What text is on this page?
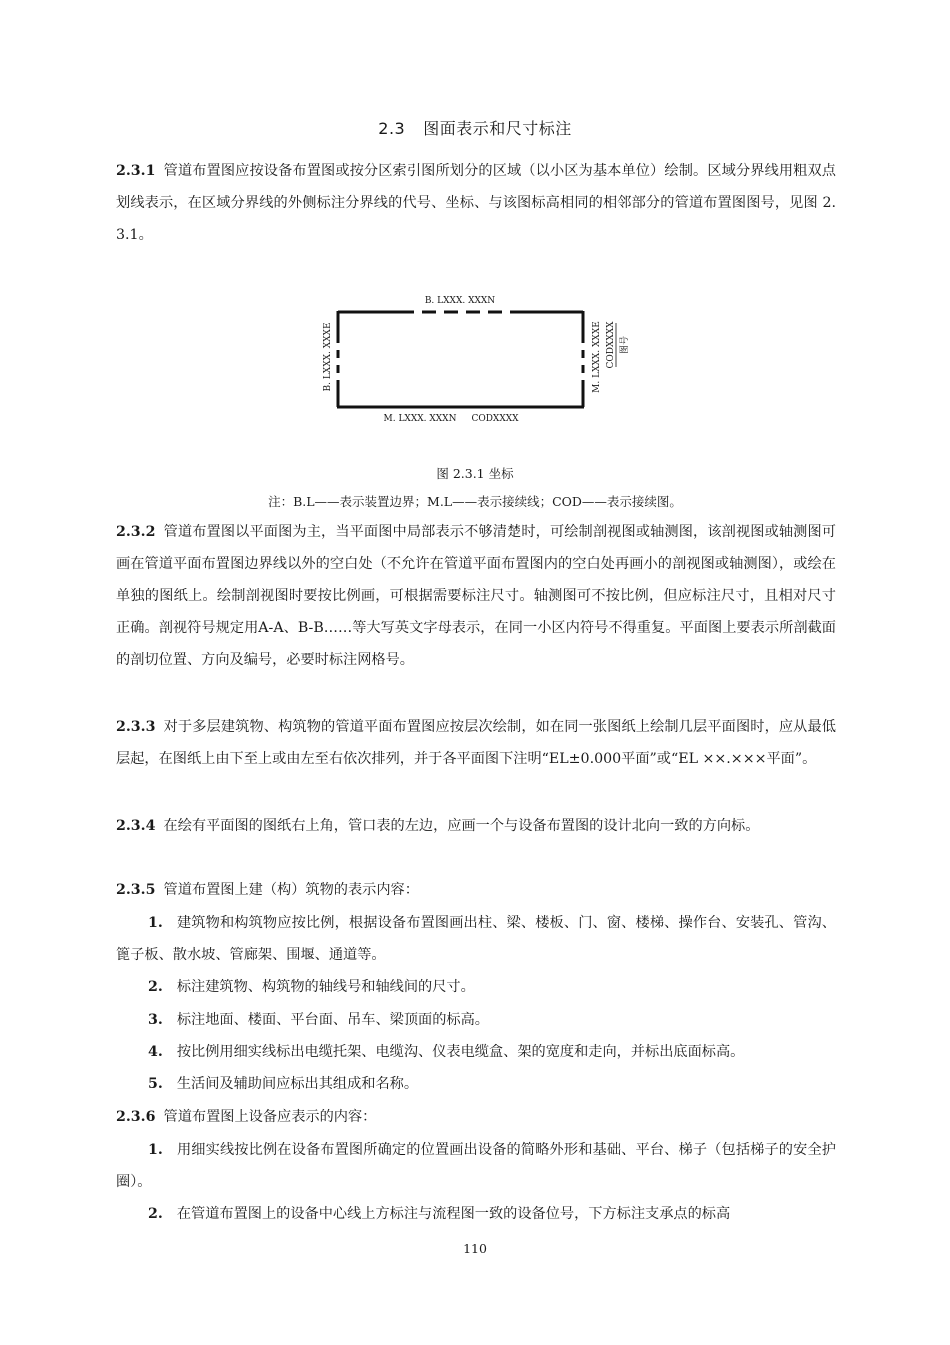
2.3 图面表示和尺寸标注
2.3.1 管道布置图应按设备布置图或按分区索引图所划分的区域（以小区为基本单位）绘制。区域分界线用粗双点划线表示，在区域分界线的外侧标注分界线的代号、坐标、与该图标高相同的相邻部分的管道布置图图号，见图 2.3.1。
B. LXXX. XXXN
B. LXXX. XXXE	M. LXXX. XXXE CODXXXX 图号
M. LXXX. XXXN CODXXXX
图 2.3.1 坐标
注：B.L——表示装置边界；M.L——表示接续线；COD——表示接续图。
2.3.2 管道布置图以平面图为主，当平面图中局部表示不够清楚时，可绘制剖视图或轴测图，该剖视图或轴测图可画在管道平面布置图边界线以外的空白处（不允许在管道平面布置图内的空白处再画小的剖视图或轴测图），或绘在单独的图纸上。绘制剖视图时要按比例画，可根据需要标注尺寸。轴测图可不按比例，但应标注尺寸，且相对尺寸正确。剖视符号规定用A-A、B-B……等大写英文字母表示，在同一小区内符号不得重复。平面图上要表示所剖截面的剖切位置、方向及编号，必要时标注网格号。
2.3.3 对于多层建筑物、构筑物的管道平面布置图应按层次绘制，如在同一张图纸上绘制几层平面图时，应从最低层起，在图纸上由下至上或由左至右依次排列，并于各平面图下注明“EL±0.000平面”或“EL ××.×××平面”。
2.3.4 在绘有平面图的图纸右上角，管口表的左边，应画一个与设备布置图的设计北向一致的方向标。
2.3.5 管道布置图上建（构）筑物的表示内容：
1. 建筑物和构筑物应按比例，根据设备布置图画出柱、梁、楼板、门、窗、楼梯、操作台、安装孔、管沟、篦子板、散水坡、管廊架、围堰、通道等。
2. 标注建筑物、构筑物的轴线号和轴线间的尺寸。
3. 标注地面、楼面、平台面、吊车、梁顶面的标高。
4. 按比例用细实线标出电缆托架、电缆沟、仪表电缆盒、架的宽度和走向，并标出底面标高。
5. 生活间及辅助间应标出其组成和名称。
2.3.6 管道布置图上设备应表示的内容：
1. 用细实线按比例在设备布置图所确定的位置画出设备的简略外形和基础、平台、梯子（包括梯子的安全护圈）。
2. 在管道布置图上的设备中心线上方标注与流程图一致的设备位号，下方标注支承点的标高
110
